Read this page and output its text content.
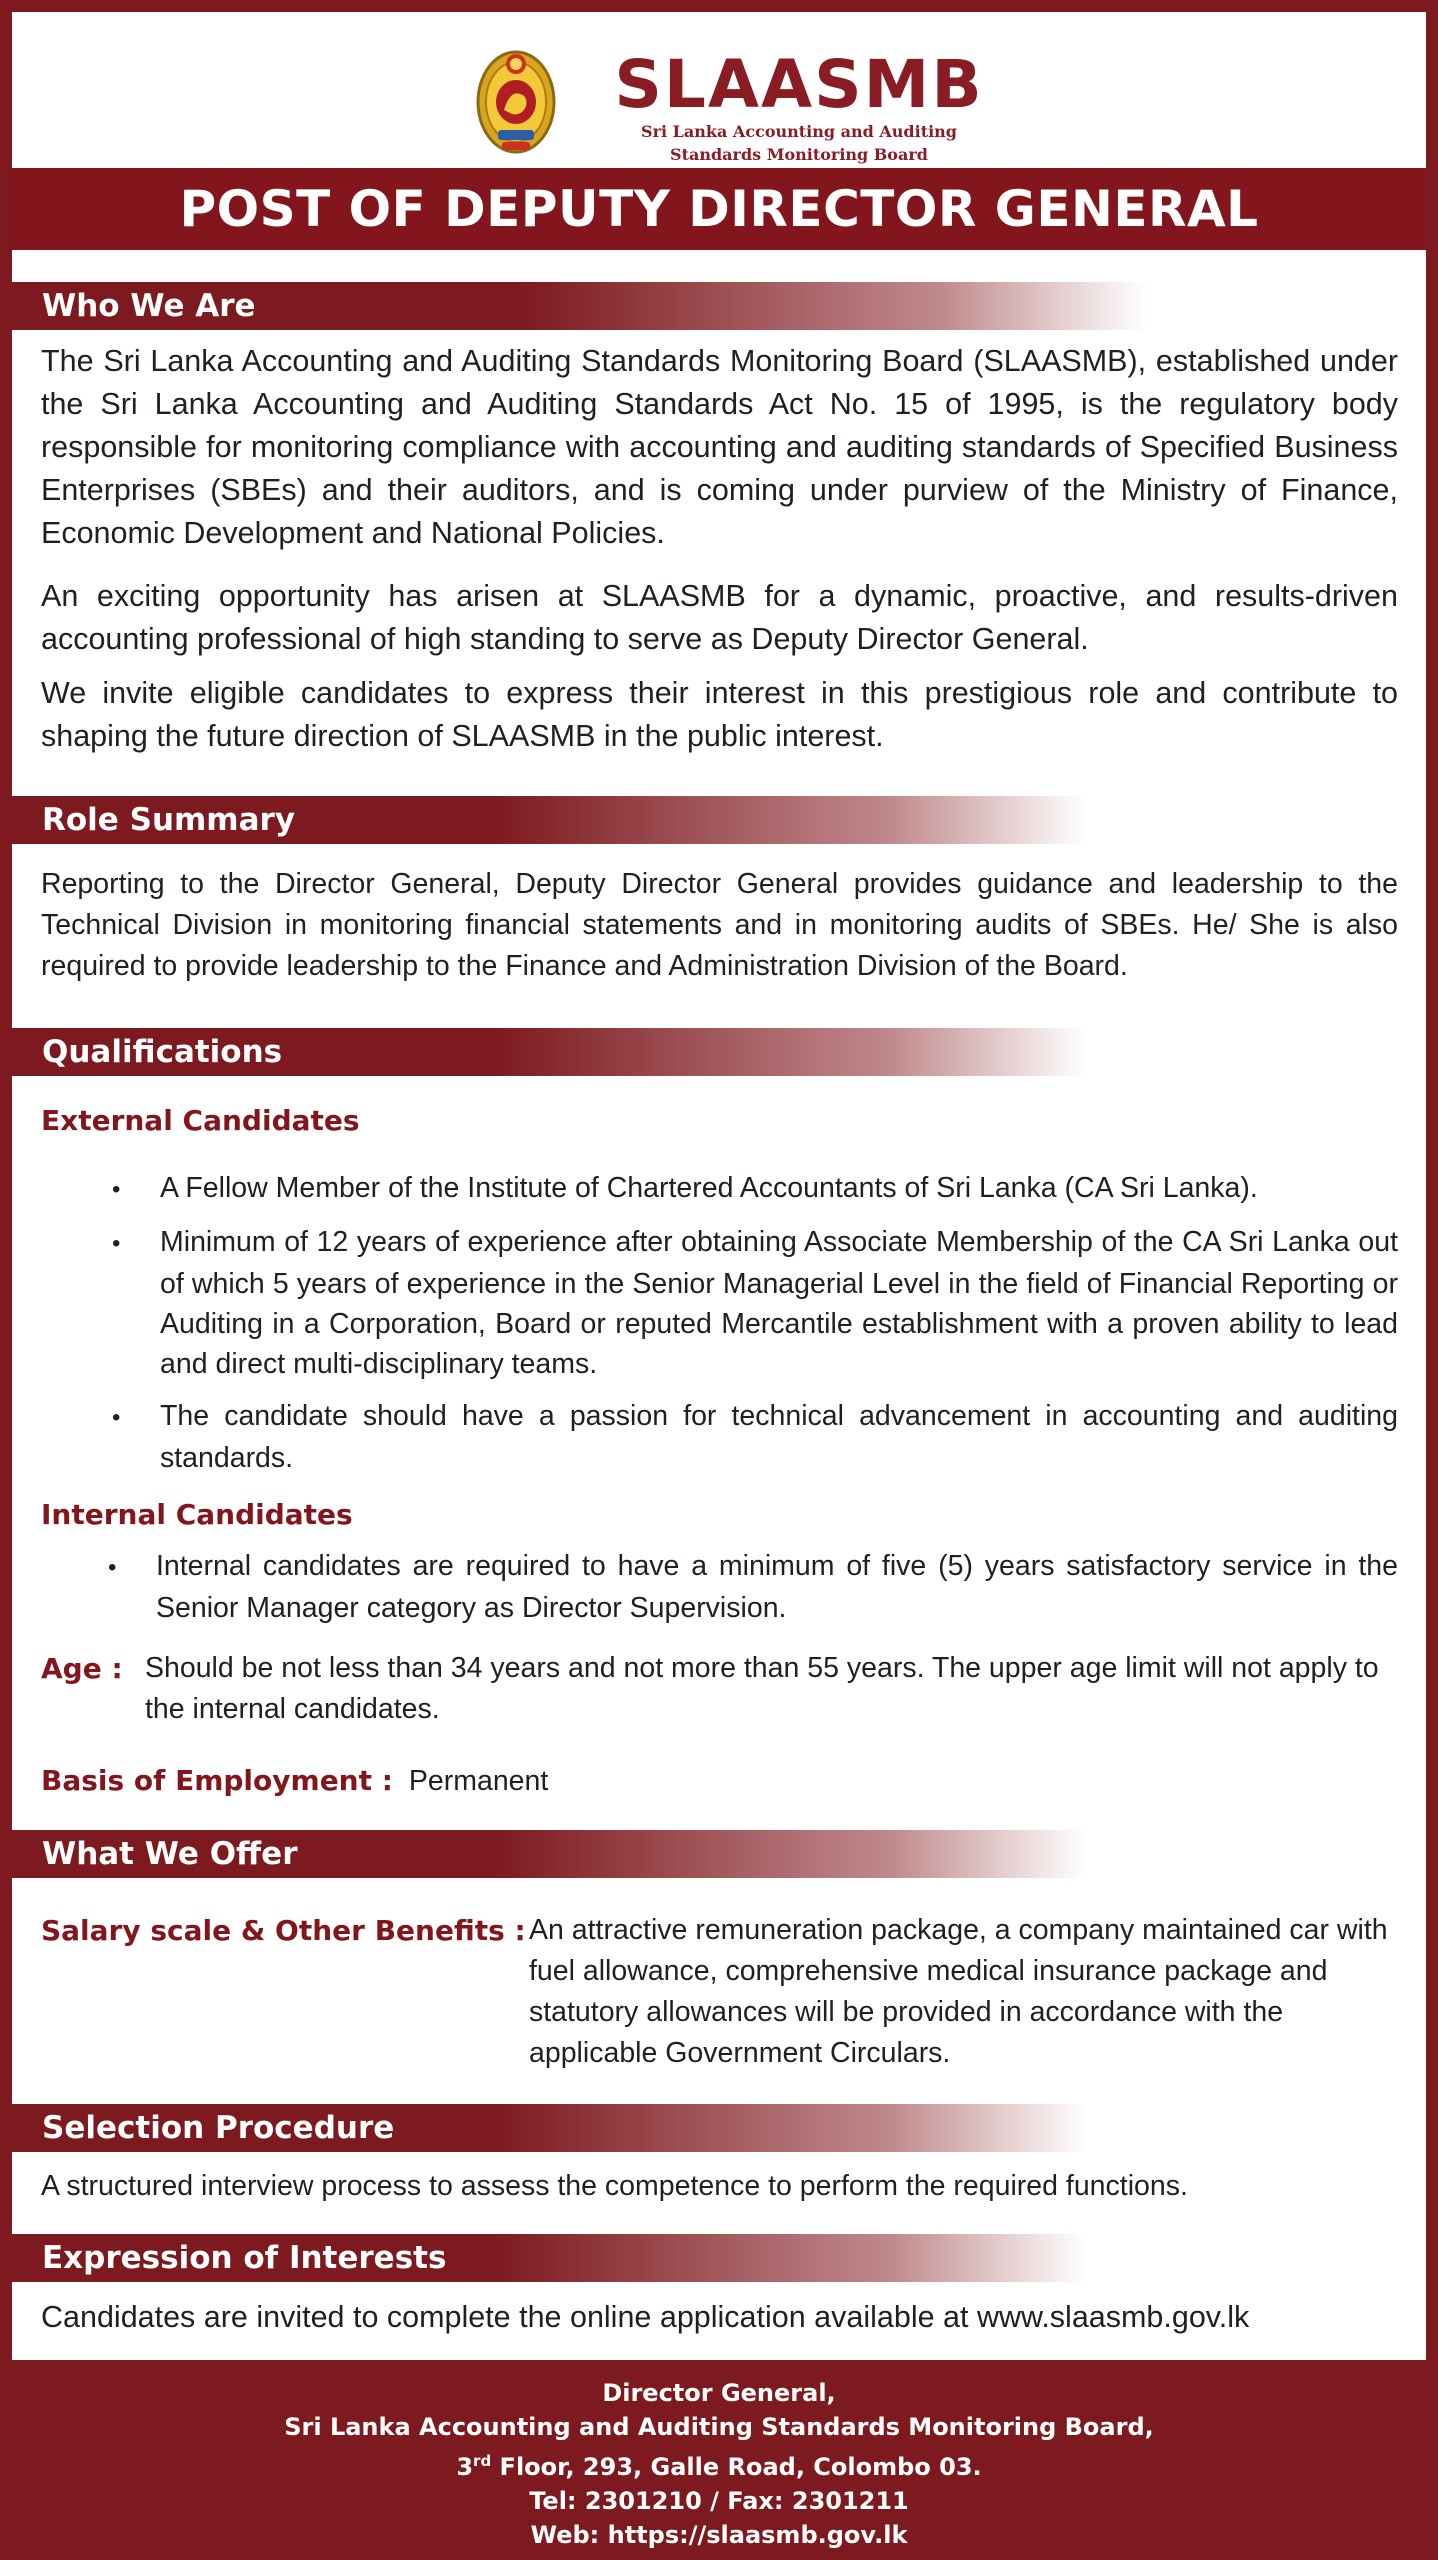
SLAASMB
Sri Lanka Accounting and Auditing
Standards Monitoring Board
POST OF DEPUTY DIRECTOR GENERAL
Who We Are
The Sri Lanka Accounting and Auditing Standards Monitoring Board (SLAASMB), established under the Sri Lanka Accounting and Auditing Standards Act No. 15 of 1995, is the regulatory body responsible for monitoring compliance with accounting and auditing standards of Specified Business Enterprises (SBEs) and their auditors, and is coming under purview of the Ministry of Finance, Economic Development and National Policies.
An exciting opportunity has arisen at SLAASMB for a dynamic, proactive, and results-driven accounting professional of high standing to serve as Deputy Director General.
We invite eligible candidates to express their interest in this prestigious role and contribute to shaping the future direction of SLAASMB in the public interest.
Role Summary
Reporting to the Director General, Deputy Director General provides guidance and leadership to the Technical Division in monitoring financial statements and in monitoring audits of SBEs. He/ She is also required to provide leadership to the Finance and Administration Division of the Board.
Qualifications
External Candidates
• A Fellow Member of the Institute of Chartered Accountants of Sri Lanka (CA Sri Lanka).
• Minimum of 12 years of experience after obtaining Associate Membership of the CA Sri Lanka out of which 5 years of experience in the Senior Managerial Level in the field of Financial Reporting or Auditing in a Corporation, Board or reputed Mercantile establishment with a proven ability to lead and direct multi-disciplinary teams.
• The candidate should have a passion for technical advancement in accounting and auditing standards.
Internal Candidates
• Internal candidates are required to have a minimum of five (5) years satisfactory service in the Senior Manager category as Director Supervision.
Age : Should be not less than 34 years and not more than 55 years. The upper age limit will not apply to the internal candidates.
Basis of Employment : Permanent
What We Offer
Salary scale & Other Benefits : An attractive remuneration package, a company maintained car with fuel allowance, comprehensive medical insurance package and statutory allowances will be provided in accordance with the applicable Government Circulars.
Selection Procedure
A structured interview process to assess the competence to perform the required functions.
Expression of Interests
Candidates are invited to complete the online application available at www.slaasmb.gov.lk
Director General,
Sri Lanka Accounting and Auditing Standards Monitoring Board,
3rd Floor, 293, Galle Road, Colombo 03.
Tel: 2301210 / Fax: 2301211
Web: https://slaasmb.gov.lk
